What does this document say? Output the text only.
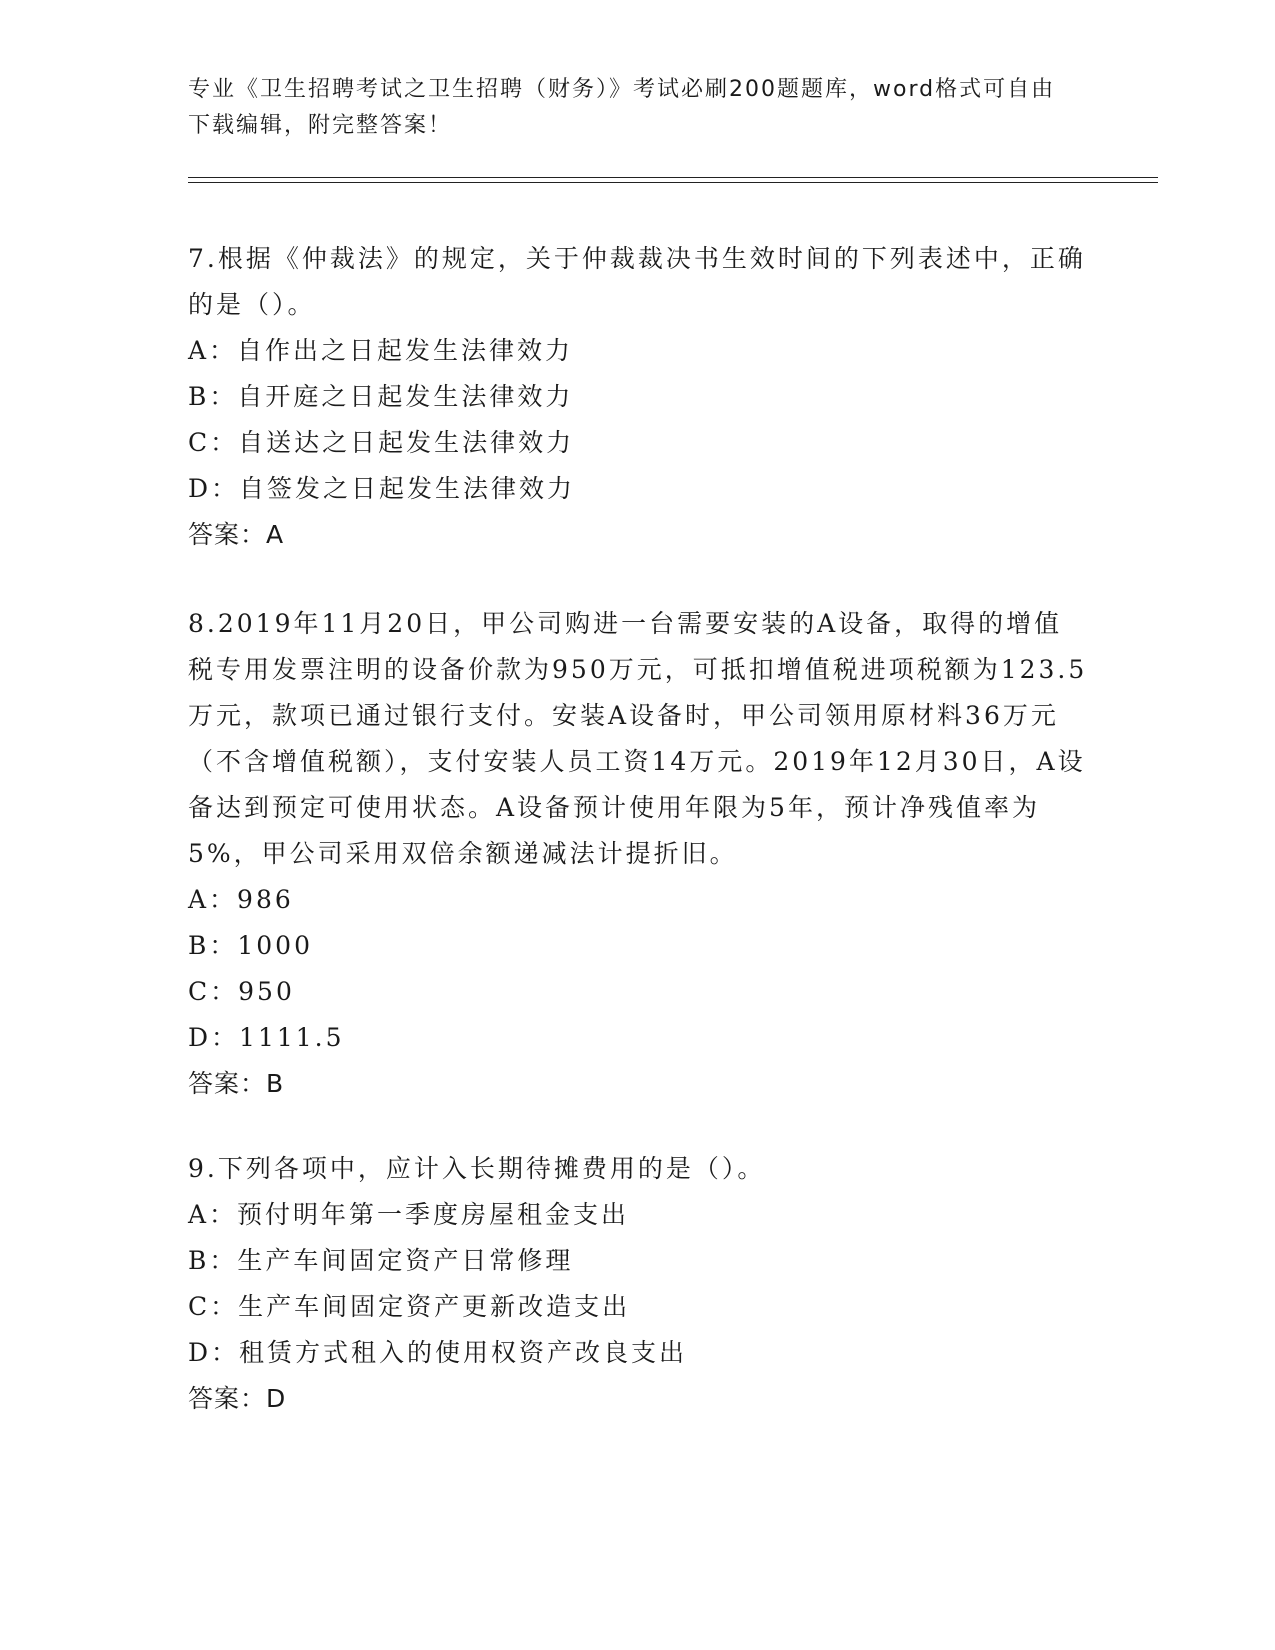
专业《卫生招聘考试之卫生招聘（财务）》考试必刷200题题库，word格式可自由下载编辑，附完整答案！

7.根据《仲裁法》的规定，关于仲裁裁决书生效时间的下列表述中，正确的是（）。

A：自作出之日起发生法律效力

B：自开庭之日起发生法律效力

C：自送达之日起发生法律效力

D：自签发之日起发生法律效力

答案：A

8.2019年11月20日，甲公司购进一台需要安装的A设备，取得的增值税专用发票注明的设备价款为950万元，可抵扣增值税进项税额为123.5万元，款项已通过银行支付。安装A设备时，甲公司领用原材料36万元（不含增值税额），支付安装人员工资14万元。2019年12月30日，A设备达到预定可使用状态。A设备预计使用年限为5年，预计净残值率为5%，甲公司采用双倍余额递减法计提折旧。

A：986

B：1000

C：950

D：1111.5

答案：B

9.下列各项中，应计入长期待摊费用的是（）。

A：预付明年第一季度房屋租金支出

B：生产车间固定资产日常修理

C：生产车间固定资产更新改造支出

D：租赁方式租入的使用权资产改良支出

答案：D
